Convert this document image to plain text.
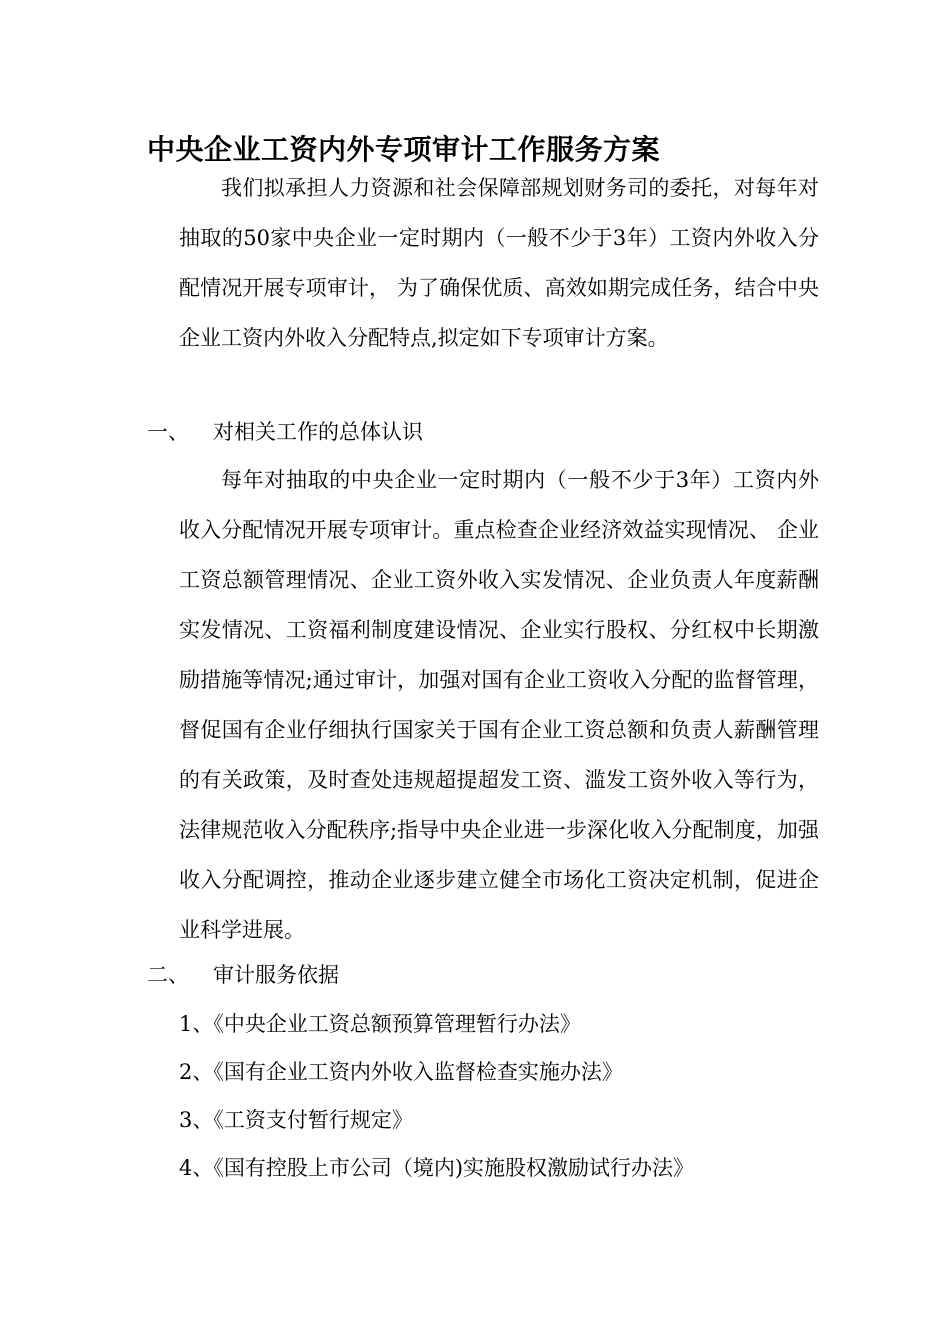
中央企业工资内外专项审计工作服务方案

我们拟承担人力资源和社会保障部规划财务司的委托，对每年对抽取的50家中央企业一定时期内（一般不少于3年）工资内外收入分配情况开展专项审计， 为了确保优质、高效如期完成任务，结合中央企业工资内外收入分配特点,拟定如下专项审计方案。

一、 对相关工作的总体认识

每年对抽取的中央企业一定时期内（一般不少于3年）工资内外收入分配情况开展专项审计。重点检查企业经济效益实现情况、 企业工资总额管理情况、企业工资外收入实发情况、企业负责人年度薪酬实发情况、工资福利制度建设情况、企业实行股权、分红权中长期激励措施等情况;通过审计，加强对国有企业工资收入分配的监督管理，督促国有企业仔细执行国家关于国有企业工资总额和负责人薪酬管理的有关政策，及时查处违规超提超发工资、滥发工资外收入等行为，法律规范收入分配秩序;指导中央企业进一步深化收入分配制度，加强收入分配调控，推动企业逐步建立健全市场化工资决定机制，促进企业科学进展。

二、 审计服务依据
1、《中央企业工资总额预算管理暂行办法》
2、《国有企业工资内外收入监督检查实施办法》
3、《工资支付暂行规定》
4、《国有控股上市公司（境内)实施股权激励试行办法》
